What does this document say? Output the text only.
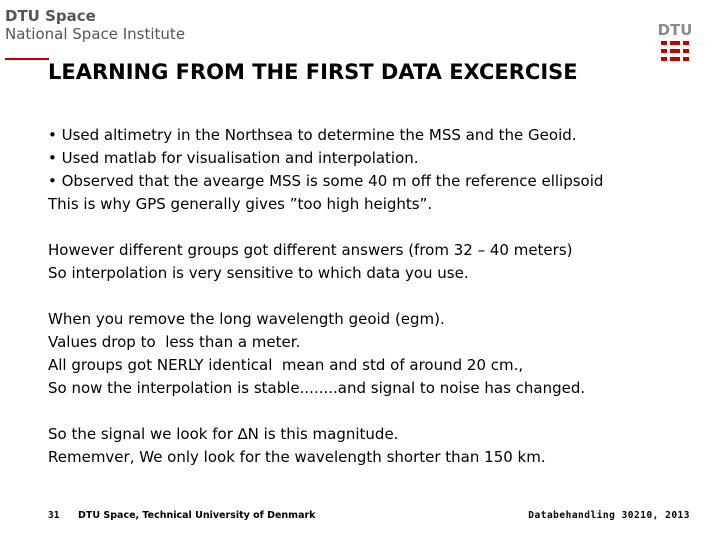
DTU Space
National Space Institute	DTU
LEARNING FROM THE FIRST DATA EXCERCISE

• Used altimetry in the Northsea to determine the MSS and the Geoid.

• Used matlab for visualisation and interpolation.

• Observed that the avearge MSS is some 40 m off the reference ellipsoid

This is why GPS generally gives ”too high heights”.

However different groups got different answers (from 32 – 40 meters)

So interpolation is very sensitive to which data you use.

When you remove the long wavelength geoid (egm).

Values drop to  less than a meter.

All groups got NERLY identical  mean and std of around 20 cm.,

So now the interpolation is stable........and signal to noise has changed.

So the signal we look for ∆N is this magnitude.

Rememver, We only look for the wavelength shorter than 150 km.

31 DTU Space, Technical University of Denmark	Databehandling 30210, 2013
